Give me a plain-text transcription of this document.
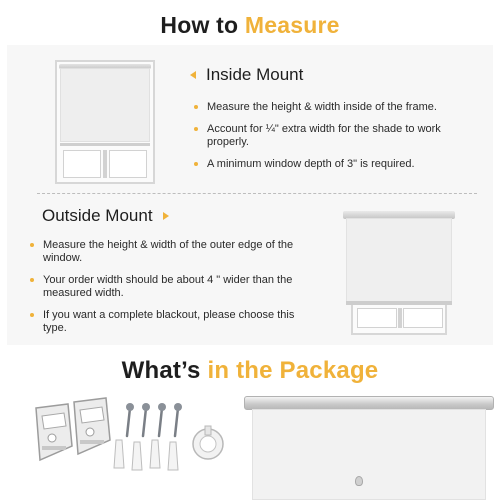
How to Measure
Inside Mount
Measure the height & width inside of the frame.
Account for ¼" extra width for the shade to work properly.
A minimum window depth of 3" is required.
Outside Mount
Measure the height & width of the outer edge of the window.
Your order width should be about 4 " wider than the measured width.
If you want a complete blackout, please choose this type.
What’s in the Package
